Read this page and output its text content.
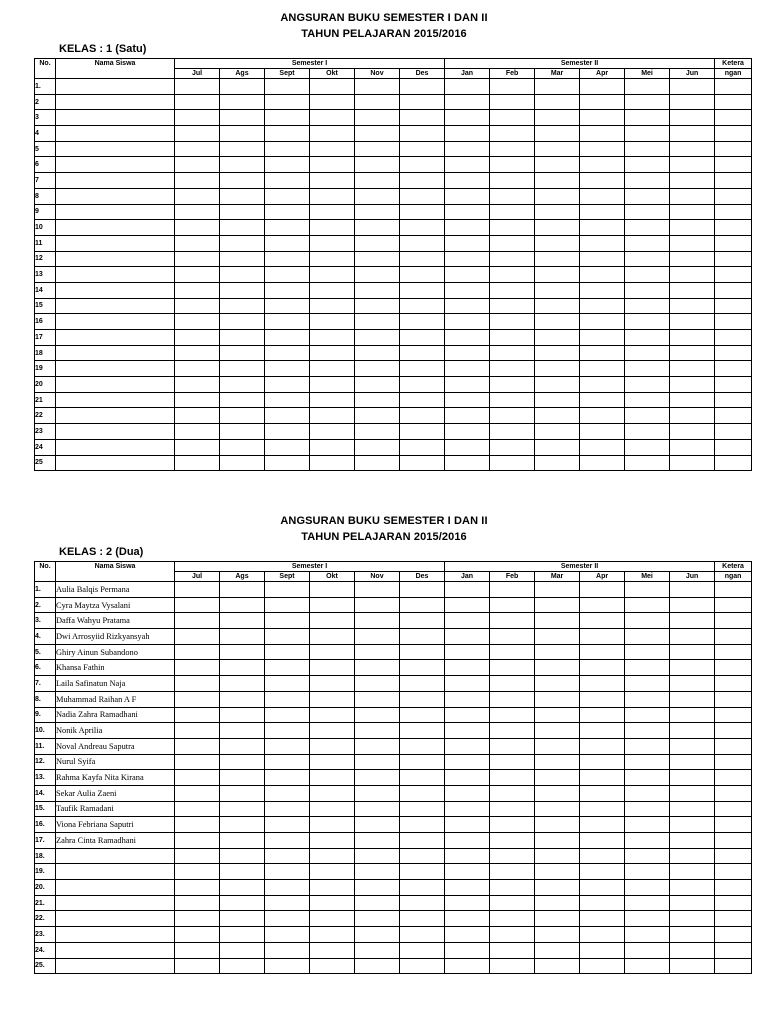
ANGSURAN BUKU SEMESTER I DAN II
TAHUN PELAJARAN 2015/2016
KELAS : 1 (Satu)
No.	Nama Siswa	Semester I						Semester II						Ketera
		Jul	Ags	Sept	Okt	Nov	Des	Jan	Feb	Mar	Apr	Mei	Jun	ngan
1.														
2														
3														
4														
5														
6														
7														
8														
9														
10														
11														
12														
13														
14														
15														
16														
17														
18														
19														
20														
21														
22														
23														
24														
25														
ANGSURAN BUKU SEMESTER I DAN II
TAHUN PELAJARAN 2015/2016
KELAS : 2 (Dua)
No.	Nama Siswa	Semester I						Semester II						Ketera
		Jul	Ags	Sept	Okt	Nov	Des	Jan	Feb	Mar	Apr	Mei	Jun	ngan
1.	Aulia Balqis Permana													
2.	Cyra Maytza Vysalani													
3.	Daffa Wahyu Pratama													
4.	Dwi Arrosyiid Rizkyansyah													
5.	Ghiry Ainun Subandono													
6.	Khansa Fathin													
7.	Laila Safinatun Naja													
8.	Muhammad Raihan A F													
9.	Nadia Zahra Ramadhani													
10.	Nonik Aprilia													
11.	Noval Andreau Saputra													
12.	Nurul Syifa													
13.	Rahma Kayfa Nita Kirana													
14.	Sekar Aulia Zaeni													
15.	Taufik Ramadani													
16.	Viona Febriana Saputri													
17.	Zahra Cinta Ramadhani													
18.														
19.														
20.														
21.														
22.														
23.														
24.														
25.														
